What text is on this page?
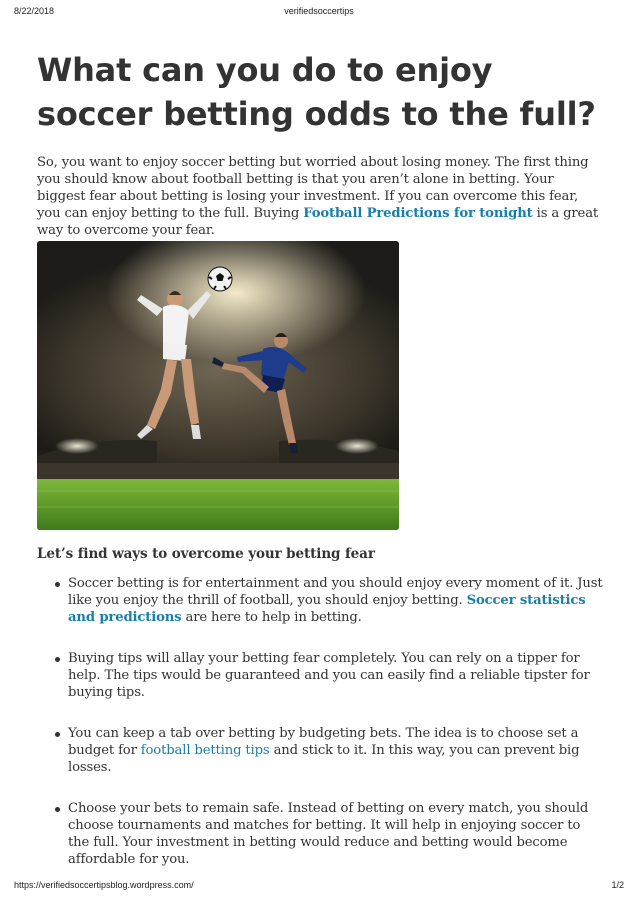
8/22/2018	verifiedsoccertips
What can you do to enjoy soccer betting odds to the full?

So, you want to enjoy soccer betting but worried about losing money. The first thing you should know about football betting is that you aren’t alone in betting. Your biggest fear about betting is losing your investment. If you can overcome this fear, you can enjoy betting to the full. Buying Football Predictions for tonight is a great way to overcome your fear.

Let’s find ways to overcome your betting fear
Soccer betting is for entertainment and you should enjoy every moment of it. Just like you enjoy the thrill of football, you should enjoy betting. Soccer statistics and predictions are here to help in betting.
Buying tips will allay your betting fear completely. You can rely on a tipper for help. The tips would be guaranteed and you can easily find a reliable tipster for buying tips.
You can keep a tab over betting by budgeting bets. The idea is to choose set a budget for football betting tips and stick to it. In this way, you can prevent big losses.
Choose your bets to remain safe. Instead of betting on every match, you should choose tournaments and matches for betting. It will help in enjoying soccer to the full. Your investment in betting would reduce and betting would become affordable for you.
https://verifiedsoccertipsblog.wordpress.com/	1/2
